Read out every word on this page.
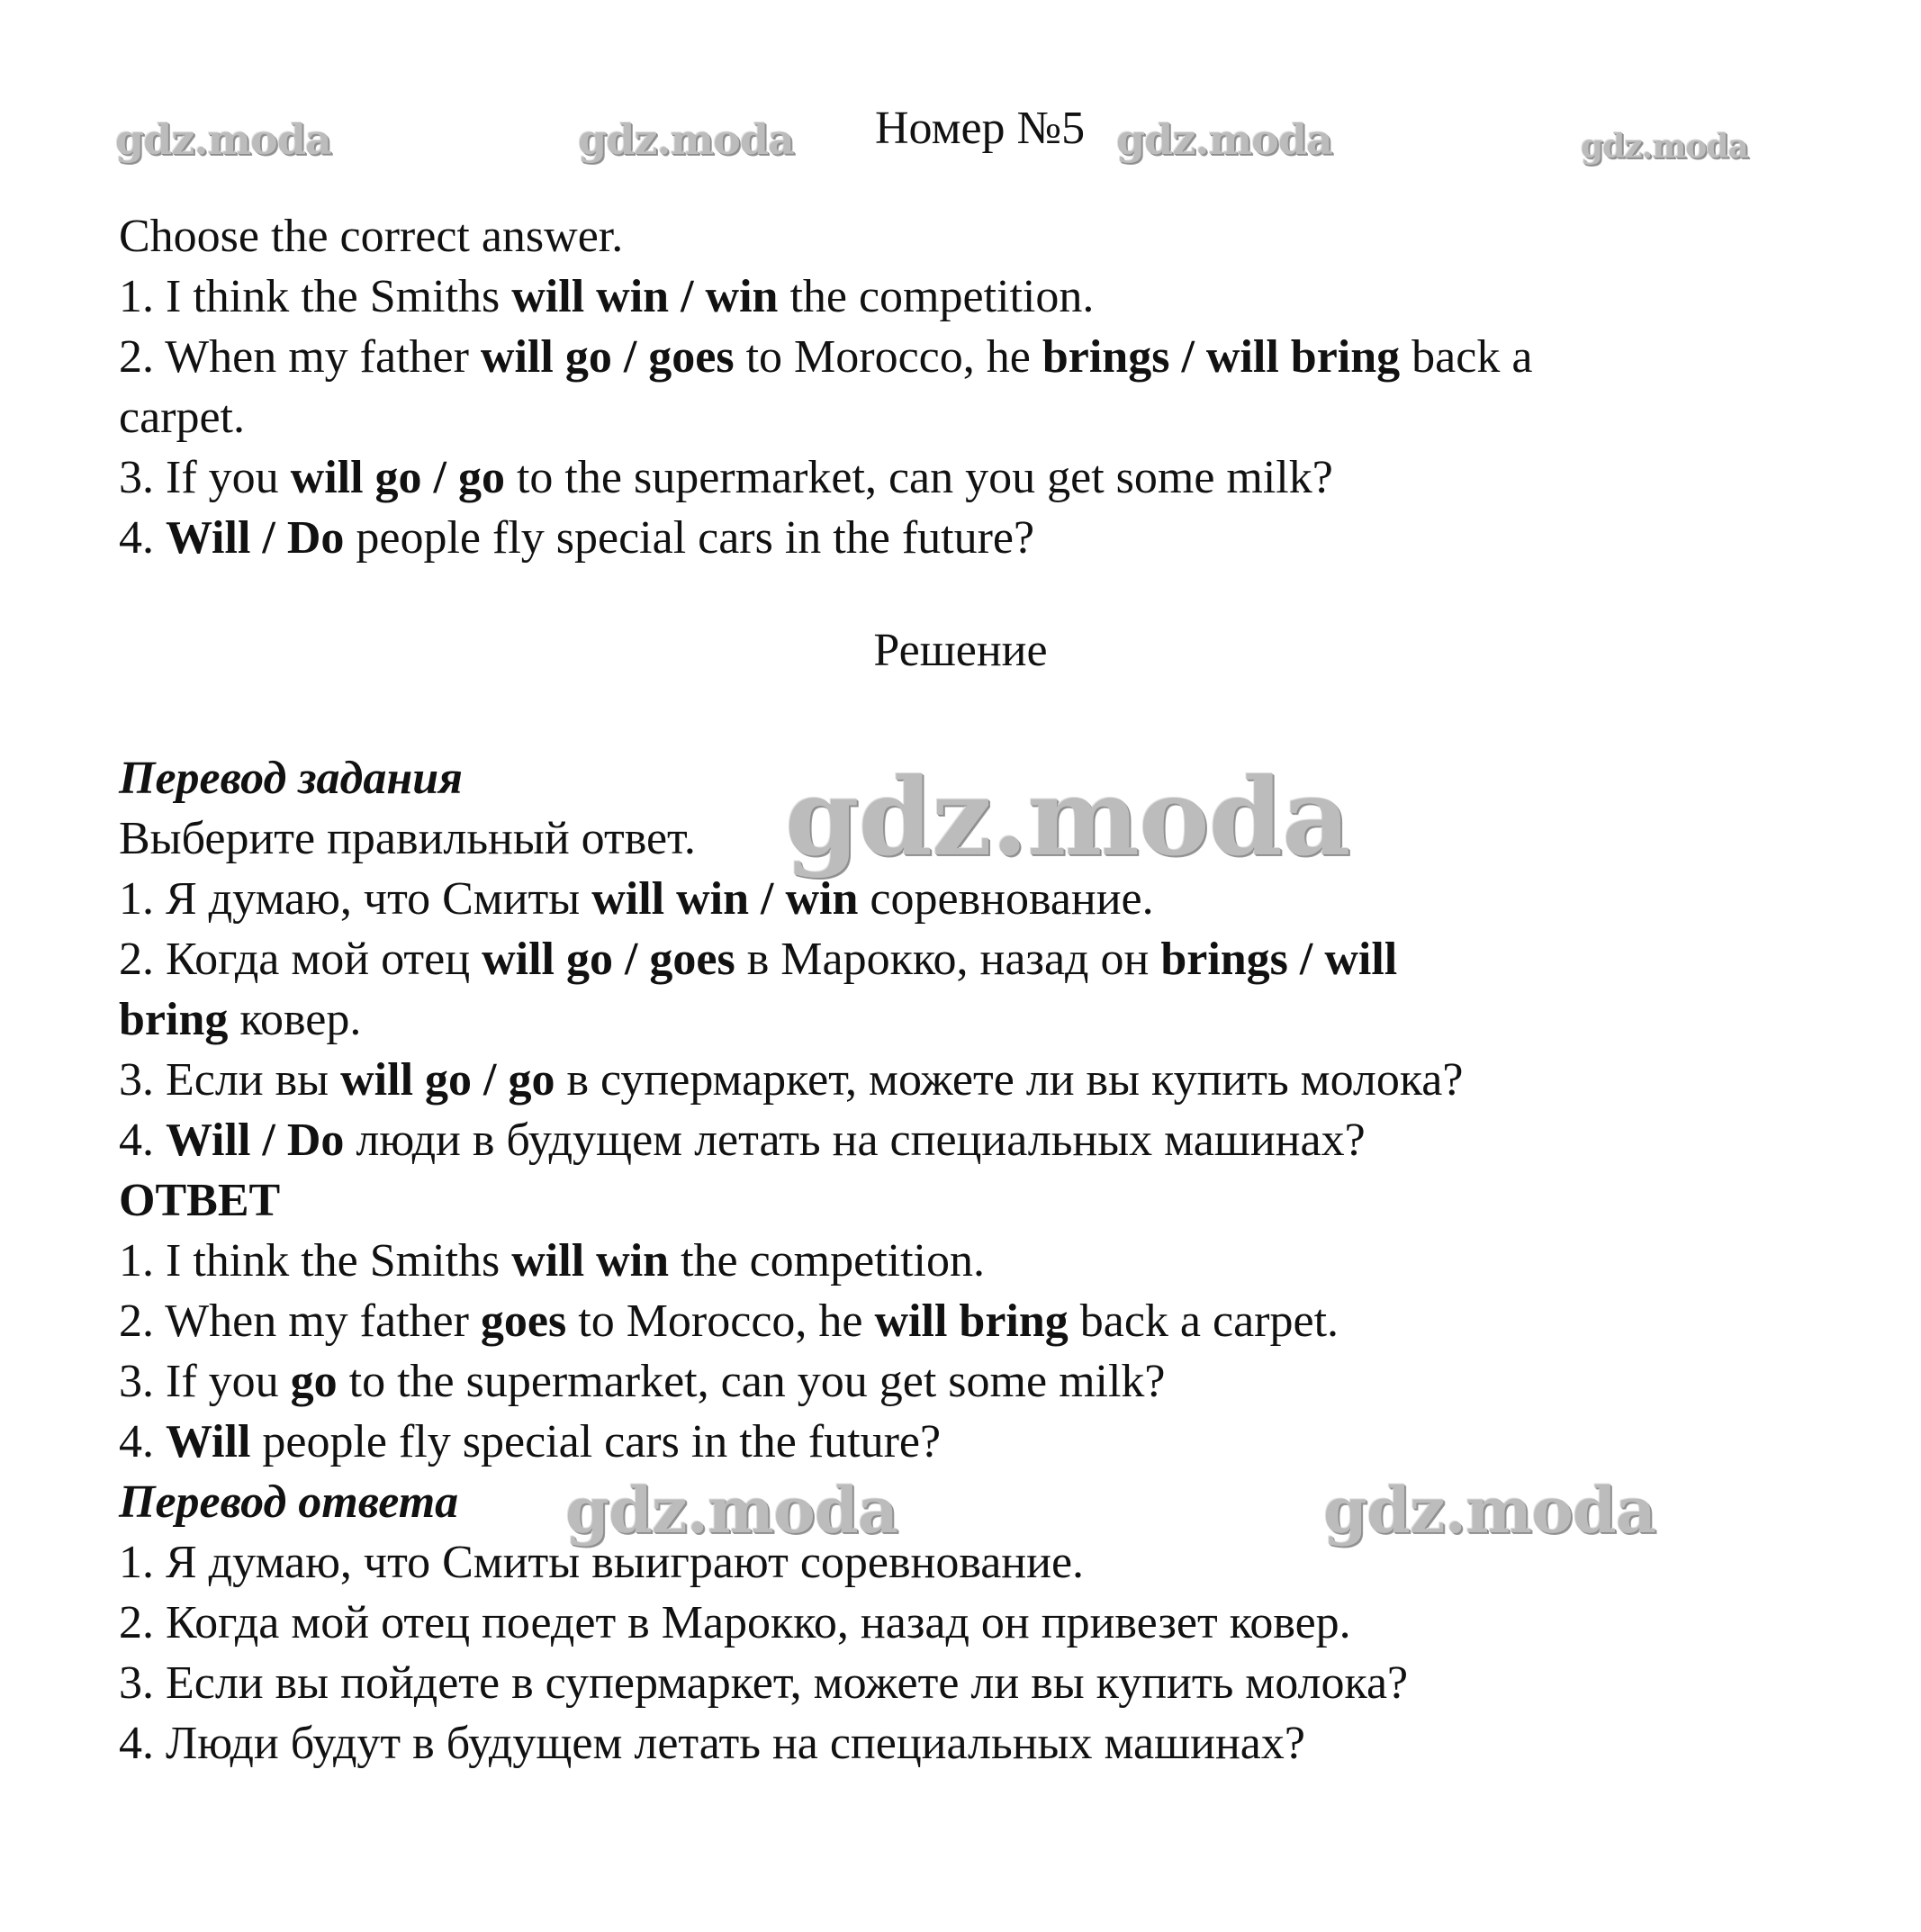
gdz.moda	gdz.moda	gdz.moda	gdz.moda
gdz.moda
gdz.moda	gdz.moda
Номер №5
Choose the correct answer.
1. I think the Smiths will win / win the competition.
2. When my father will go / goes to Morocco, he brings / will bring back a
carpet.
3. If you will go / go to the supermarket, can you get some milk?
4. Will / Do people fly special cars in the future?
Решение
Перевод задания
Выберите правильный ответ.
1. Я думаю, что Смиты will win / win соревнование.
2. Когда мой отец will go / goes в Марокко, назад он brings / will
bring ковер.
3. Если вы will go / go в супермаркет, можете ли вы купить молока?
4. Will / Do люди в будущем летать на специальных машинах?
ОТВЕТ
1. I think the Smiths will win the competition.
2. When my father goes to Morocco, he will bring back a carpet.
3. If you go to the supermarket, can you get some milk?
4. Will people fly special cars in the future?
Перевод ответа
1. Я думаю, что Смиты выиграют соревнование.
2. Когда мой отец поедет в Марокко, назад он привезет ковер.
3. Если вы пойдете в супермаркет, можете ли вы купить молока?
4. Люди будут в будущем летать на специальных машинах?
